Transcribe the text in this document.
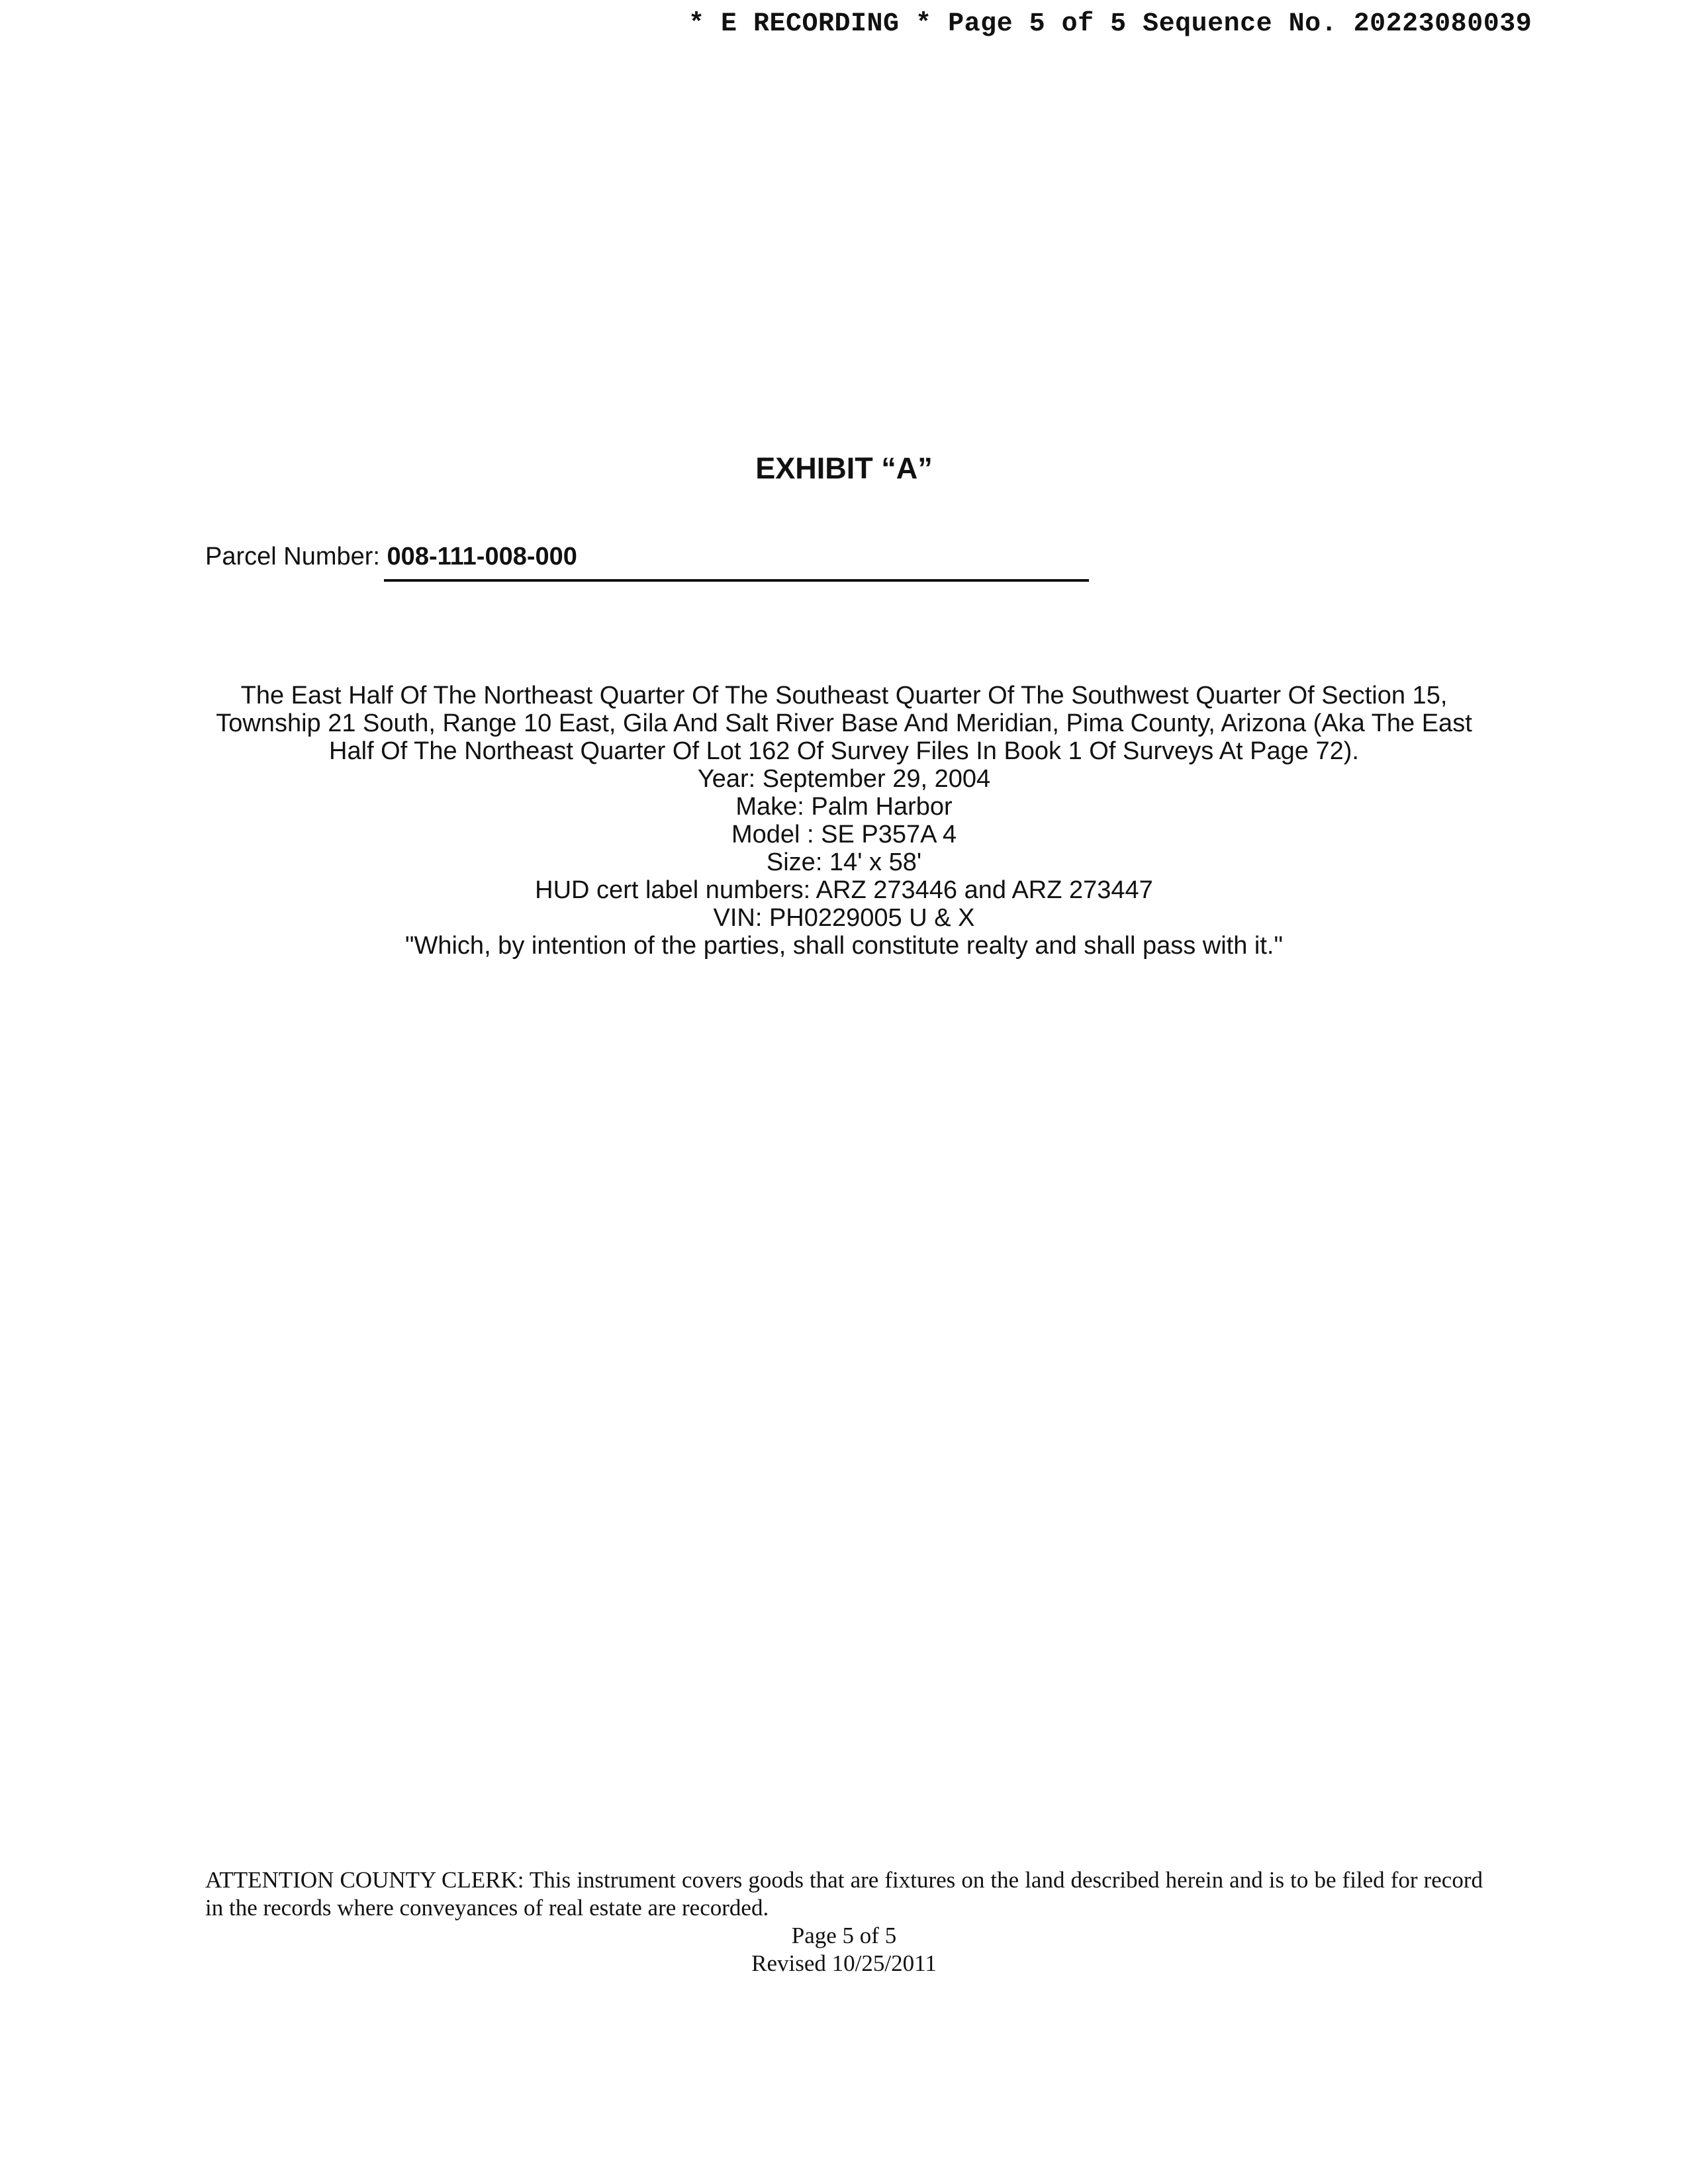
* E RECORDING * Page 5 of 5 Sequence No. 20223080039
EXHIBIT “A”
Parcel Number: 008-111-008-000

The East Half Of The Northeast Quarter Of The Southeast Quarter Of The Southwest Quarter Of Section 15, Township 21 South, Range 10 East, Gila And Salt River Base And Meridian, Pima County, Arizona (Aka The East Half Of The Northeast Quarter Of Lot 162 Of Survey Files In Book 1 Of Surveys At Page 72).

Year: September 29, 2004

Make: Palm Harbor

Model : SE P357A 4

Size: 14' x 58'

HUD cert label numbers: ARZ 273446 and ARZ 273447

VIN: PH0229005 U & X

"Which, by intention of the parties, shall constitute realty and shall pass with it."

ATTENTION COUNTY CLERK: This instrument covers goods that are fixtures on the land described herein and is to be filed for record in the records where conveyances of real estate are recorded.

Page 5 of 5

Revised 10/25/2011
